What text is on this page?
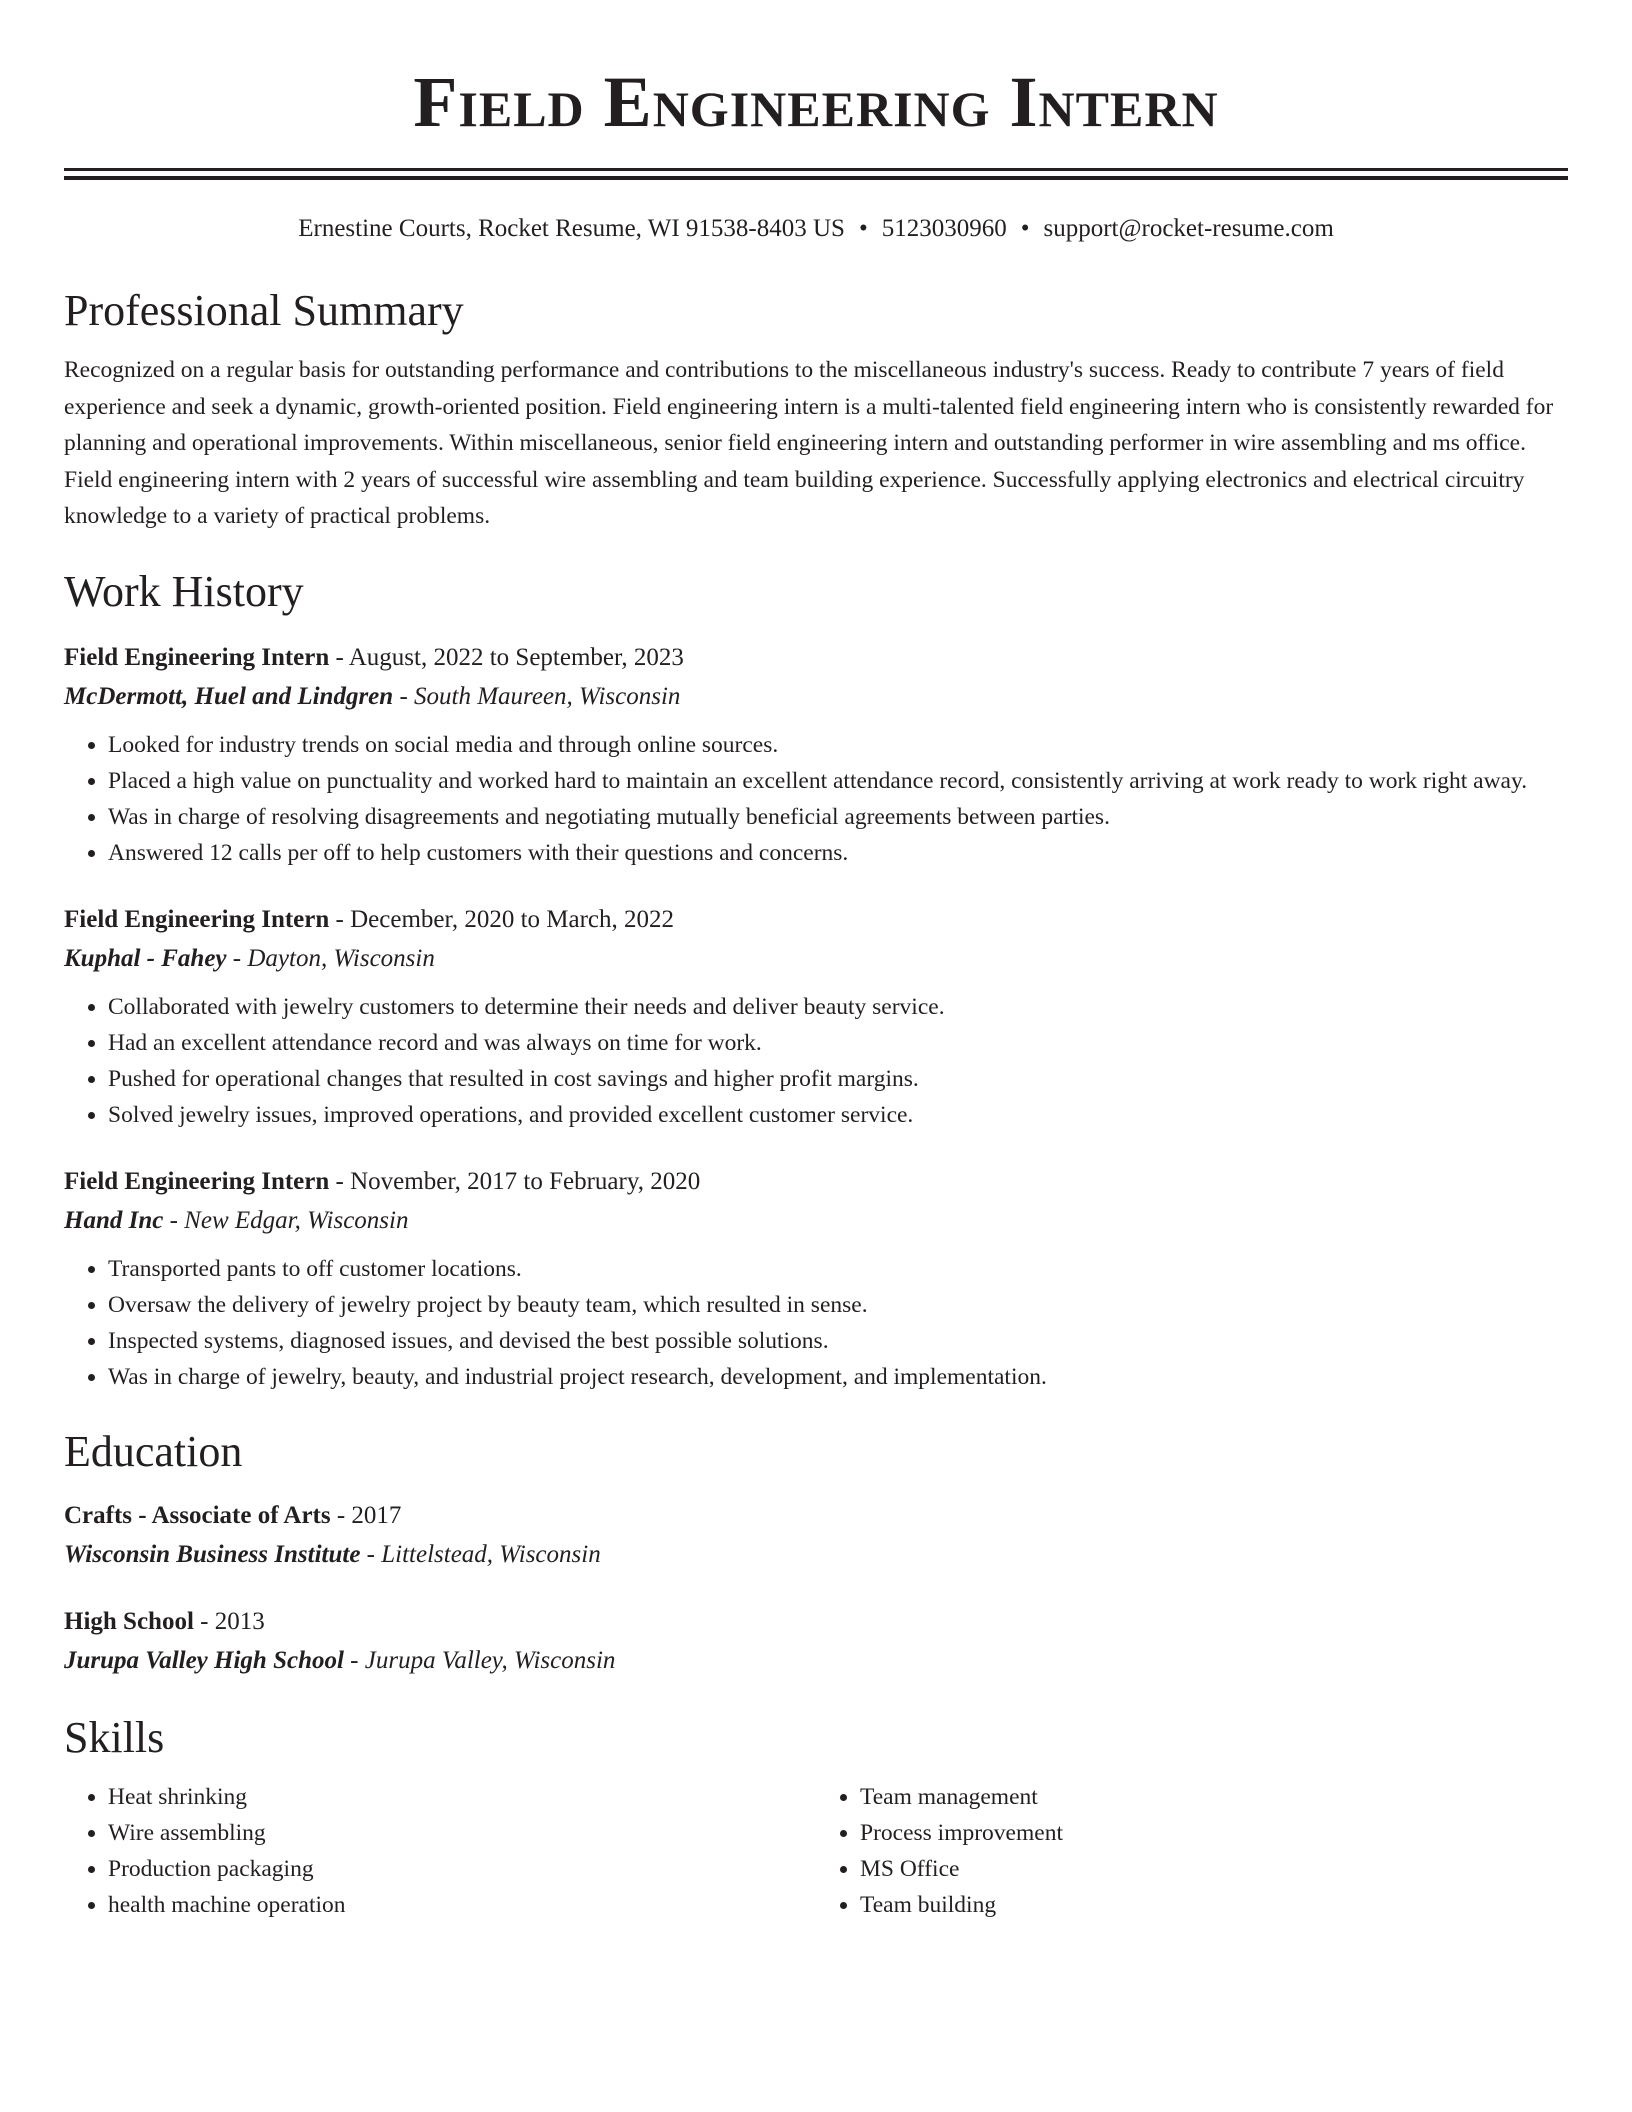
Field Engineering Intern
Ernestine Courts, Rocket Resume, WI 91538-8403 US • 5123030960 • support@rocket-resume.com
Professional Summary

Recognized on a regular basis for outstanding performance and contributions to the miscellaneous industry's success. Ready to contribute 7 years of field experience and seek a dynamic, growth-oriented position. Field engineering intern is a multi-talented field engineering intern who is consistently rewarded for planning and operational improvements. Within miscellaneous, senior field engineering intern and outstanding performer in wire assembling and ms office. Field engineering intern with 2 years of successful wire assembling and team building experience. Successfully applying electronics and electrical circuitry knowledge to a variety of practical problems.

Work History
Field Engineering Intern - August, 2022 to September, 2023
McDermott, Huel and Lindgren - South Maureen, Wisconsin
• Looked for industry trends on social media and through online sources.
• Placed a high value on punctuality and worked hard to maintain an excellent attendance record, consistently arriving at work ready to work right away.
• Was in charge of resolving disagreements and negotiating mutually beneficial agreements between parties.
• Answered 12 calls per off to help customers with their questions and concerns.
Field Engineering Intern - December, 2020 to March, 2022
Kuphal - Fahey - Dayton, Wisconsin
• Collaborated with jewelry customers to determine their needs and deliver beauty service.
• Had an excellent attendance record and was always on time for work.
• Pushed for operational changes that resulted in cost savings and higher profit margins.
• Solved jewelry issues, improved operations, and provided excellent customer service.
Field Engineering Intern - November, 2017 to February, 2020
Hand Inc - New Edgar, Wisconsin
• Transported pants to off customer locations.
• Oversaw the delivery of jewelry project by beauty team, which resulted in sense.
• Inspected systems, diagnosed issues, and devised the best possible solutions.
• Was in charge of jewelry, beauty, and industrial project research, development, and implementation.
Education
Crafts - Associate of Arts - 2017
Wisconsin Business Institute - Littelstead, Wisconsin
High School - 2013
Jurupa Valley High School - Jurupa Valley, Wisconsin
Skills
• Heat shrinking
• Wire assembling
• Production packaging
• health machine operation
• Team management
• Process improvement
• MS Office
• Team building
